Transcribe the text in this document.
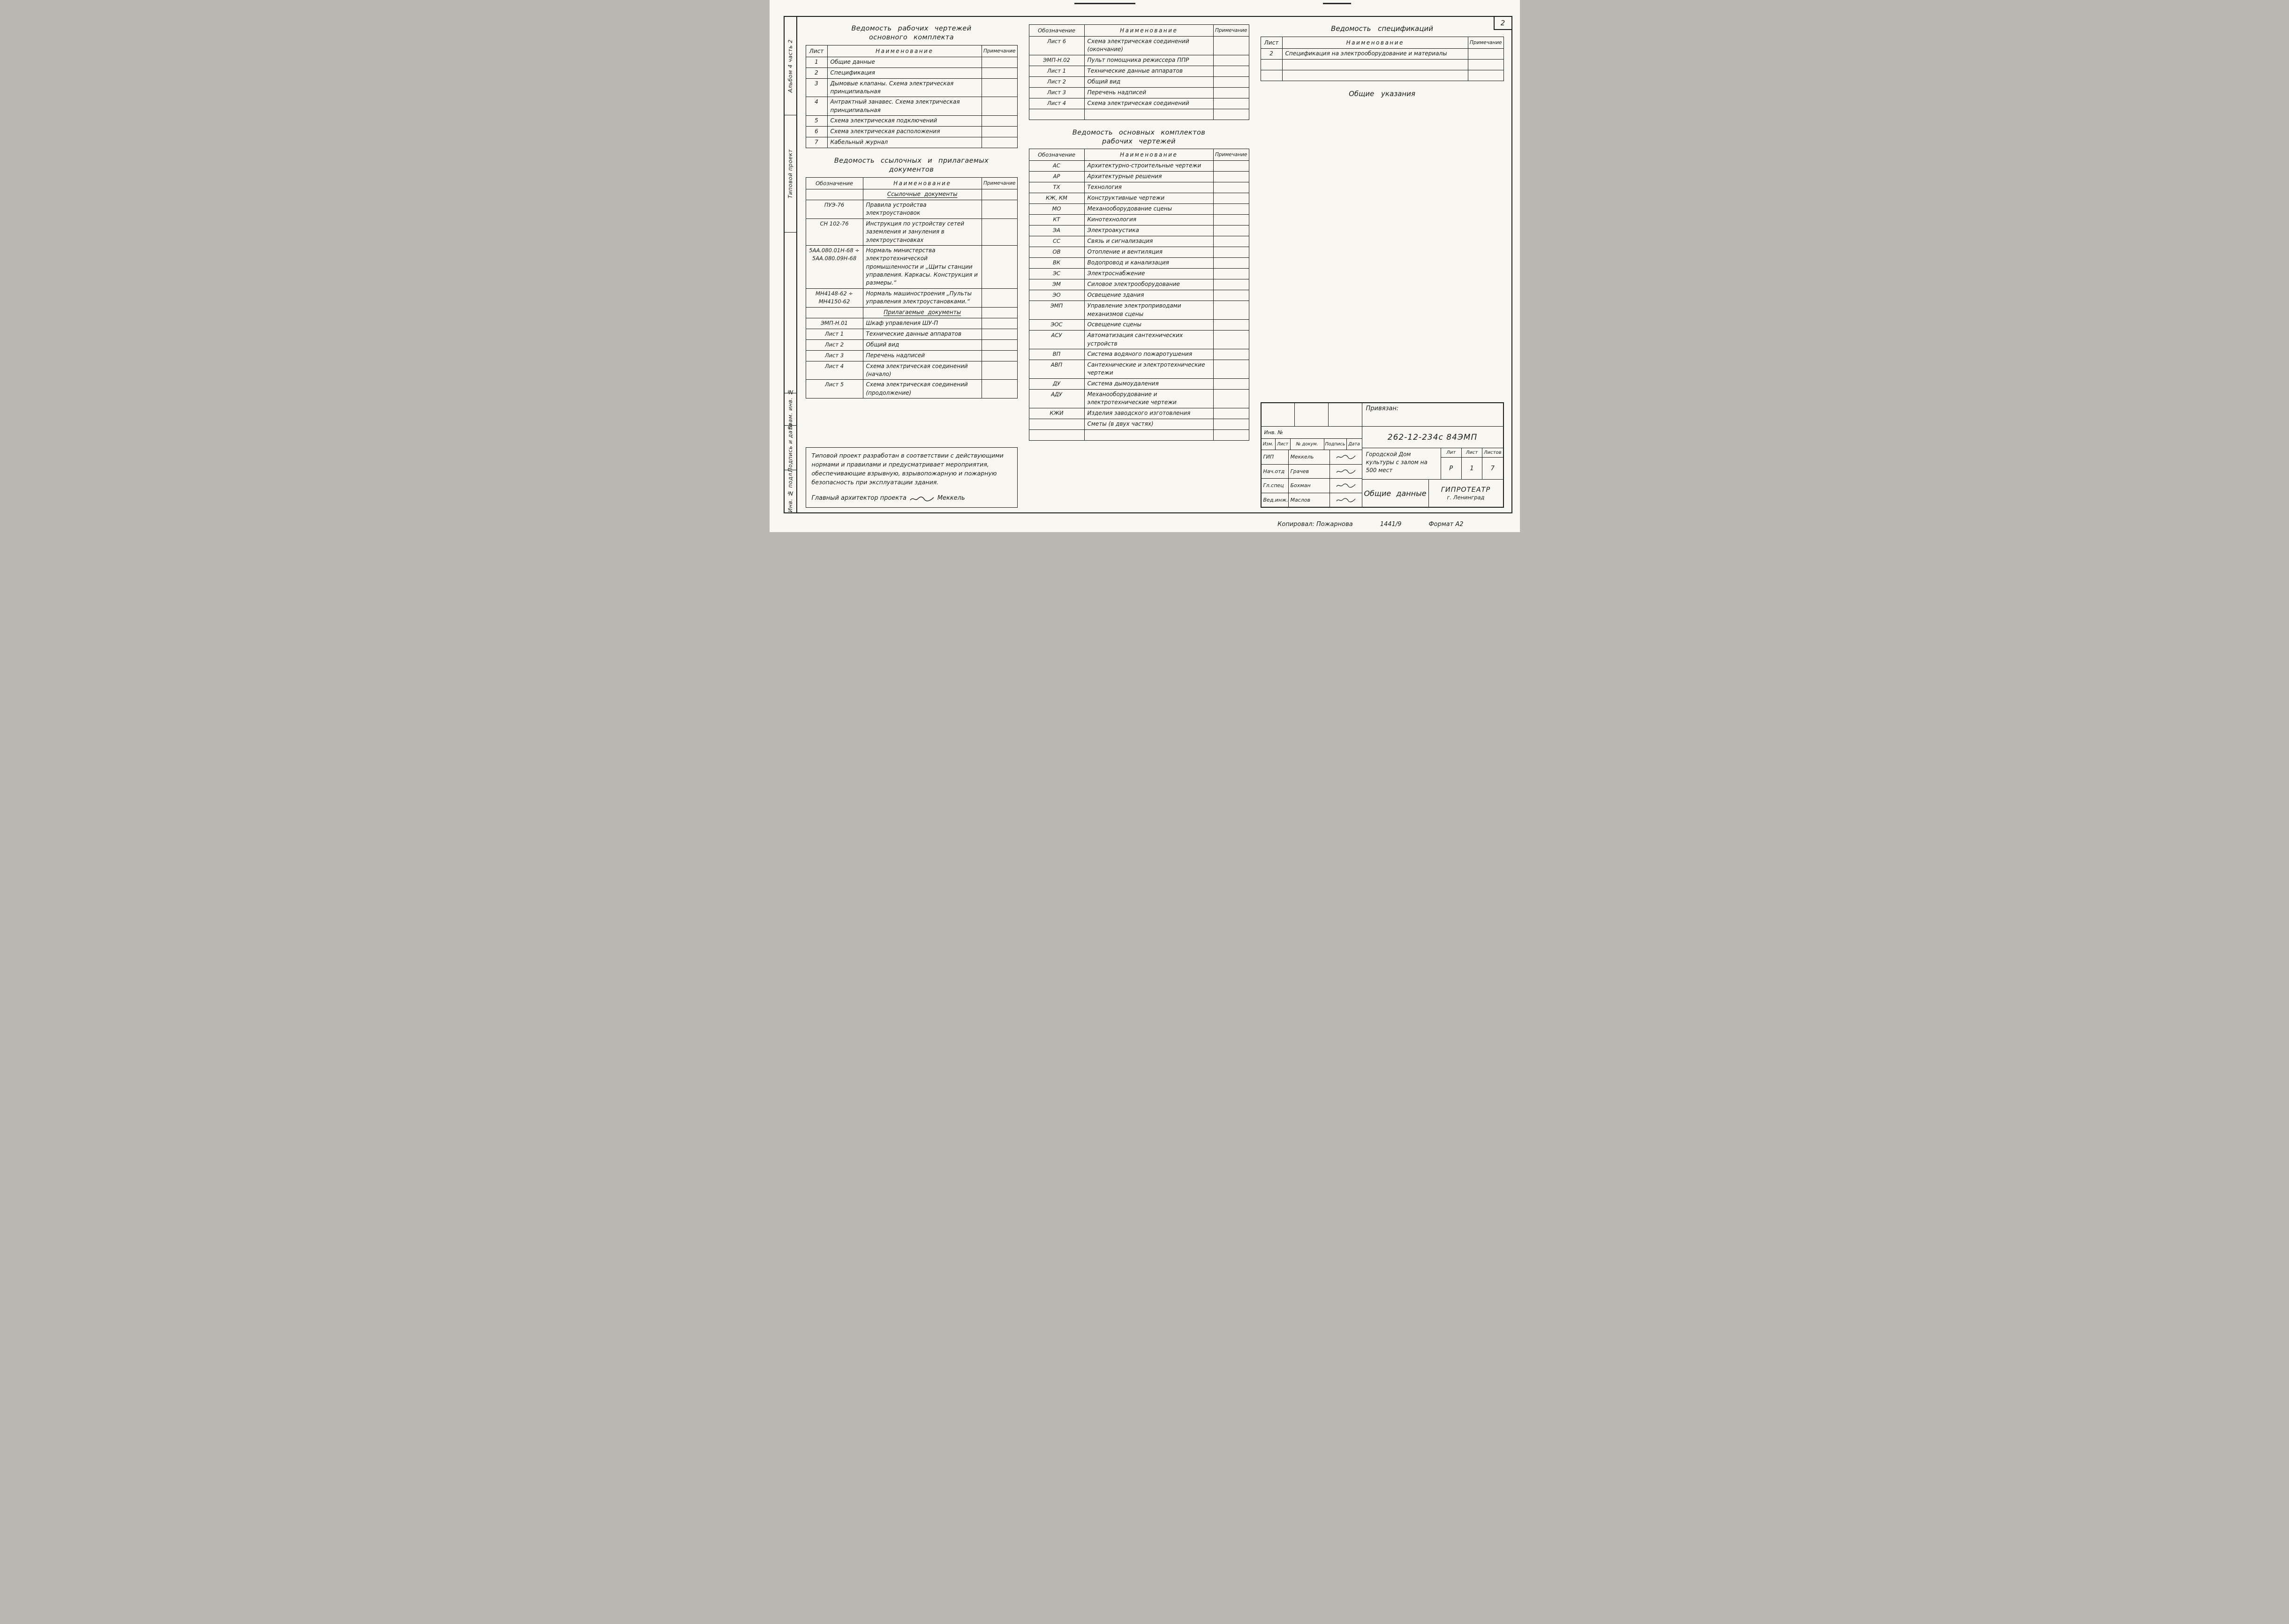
Альбом 4 часть 2
Типовой проект
Взам. инв. №
Подпись и дата
Инв. № подл.
2
Ведомость рабочих чертежей
основного комплекта
Лист	Наименование	Примечание
1	Общие данные	
2	Спецификация	
3	Дымовые клапаны. Схема электрическая принципиальная	
4	Антрактный занавес. Схема электрическая принципиальная	
5	Схема электрическая подключений	
6	Схема электрическая расположения	
7	Кабельный журнал	
Ведомость ссылочных и прилагаемых
документов
Обозначение	Наименование	Примечание
	Ссылочные документы	
ПУЭ-76	Правила устройства электроустановок	
СН 102-76	Инструкция по устройству сетей заземления и зануления в электроустановках	
5АА.080.01Н-68 ÷ 5АА.080.09Н-68	Нормаль министерства электротехнической промышленности и „Щиты станции управления. Каркасы. Конструкция и размеры.“	
МН4148-62 ÷ МН4150-62	Нормаль машиностроения „Пульты управления электроустановками.“	
	Прилагаемые документы	
ЭМП-Н.01	Шкаф управления ШУ-П	
Лист 1	Технические данные аппаратов	
Лист 2	Общий вид	
Лист 3	Перечень надписей	
Лист 4	Схема электрическая соединений (начало)	
Лист 5	Схема электрическая соединений (продолжение)	
Типовой проект разработан в соответствии с действующими нормами и правилами и предусматривает мероприятия, обеспечивающие взрывную, взрывопожарную и пожарную безопасность при эксплуатации здания.
Главный архитектор проекта	Меккель
Обозначение	Наименование	Примечание
Лист 6	Схема электрическая соединений (окончание)	
ЭМП-Н.02	Пульт помощника режиссера ППР	
Лист 1	Технические данные аппаратов	
Лист 2	Общий вид	
Лист 3	Перечень надписей	
Лист 4	Схема электрическая соединений	

Ведомость основных комплектов
рабочих чертежей
Обозначение	Наименование	Примечание
АС	Архитектурно-строительные чертежи	
АР	Архитектурные решения	
ТХ	Технология	
КЖ, КМ	Конструктивные чертежи	
МО	Механооборудование сцены	
КТ	Кинотехнология	
ЭА	Электроакустика	
СС	Связь и сигнализация	
ОВ	Отопление и вентиляция	
ВК	Водопровод и канализация	
ЭС	Электроснабжение	
ЭМ	Силовое электрооборудование	
ЭО	Освещение здания	
ЭМП	Управление электроприводами механизмов сцены	
ЭОС	Освещение сцены	
АСУ	Автоматизация сантехнических устройств	
ВП	Система водяного пожаротушения	
АВП	Сантехнические и электротехнические чертежи	
ДУ	Система дымоудаления	
АДУ	Механооборудование и электротехнические чертежи	
КЖИ	Изделия заводского изготовления	
	Сметы (в двух частях)	

Ведомость спецификаций
Лист	Наименование	Примечание
2	Спецификация на электрооборудование и материалы	

Общие указания

Инв. №
Изм. Лист	№ докум.	Подпись Дата
ГИП	Меккель
Нач.отд	Грачев
Гл.спец	Бохман
Вед.инж. Маслов
Привязан:
262-12-234с 84ЭМП
Городской Дом культуры с залом на 500 мест
Лит	Лист	Листов
Р	1	7
Общие данные	ГИПРОТЕАТР
г. Ленинград
Копировал: Пожарнова	1441/9	Формат А2
